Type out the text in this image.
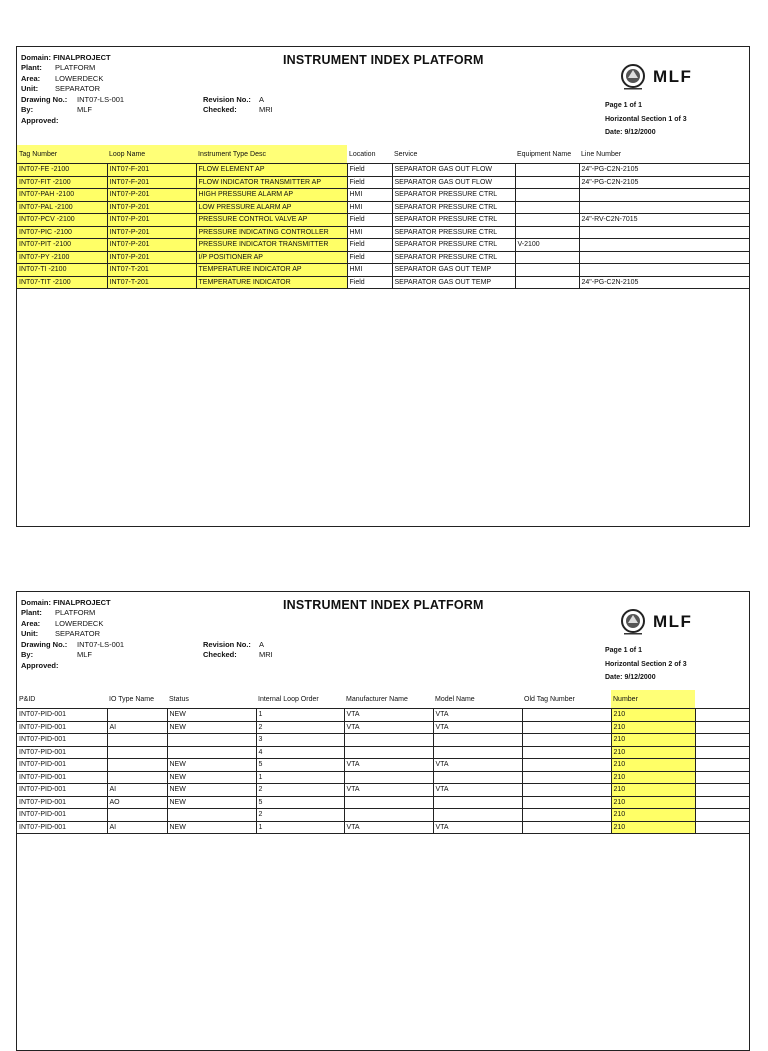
Domain: FINALPROJECT
Plant: PLATFORM
Area: LOWERDECK
Unit: SEPARATOR
Drawing No.: INT07-LS-001
By:	MLF
Approved:
Revision No.: A
Checked:	MRI
INSTRUMENT INDEX PLATFORM
MLF
Page 1 of 1
Horizontal Section 1 of 3
Date: 9/12/2000
Tag Number	Loop Name	Instrument Type Desc	Location	Service	Equipment Name	Line Number
INT07-FE -2100	INT07-F-201	FLOW ELEMENT AP	Field	SEPARATOR GAS OUT FLOW		24"-PG-C2N-2105
INT07-FIT -2100	INT07-F-201	FLOW INDICATOR TRANSMITTER AP	Field	SEPARATOR GAS OUT FLOW		24"-PG-C2N-2105
INT07-PAH -2100	INT07-P-201	HIGH PRESSURE ALARM AP	HMI	SEPARATOR PRESSURE CTRL		
INT07-PAL -2100	INT07-P-201	LOW PRESSURE ALARM AP	HMI	SEPARATOR PRESSURE CTRL		
INT07-PCV -2100	INT07-P-201	PRESSURE CONTROL VALVE AP	Field	SEPARATOR PRESSURE CTRL		24"-RV-C2N-7015
INT07-PIC -2100	INT07-P-201	PRESSURE INDICATING CONTROLLER	HMI	SEPARATOR PRESSURE CTRL		
INT07-PIT -2100	INT07-P-201	PRESSURE INDICATOR TRANSMITTER	Field	SEPARATOR PRESSURE CTRL	V-2100	
INT07-PY -2100	INT07-P-201	I/P POSITIONER AP	Field	SEPARATOR PRESSURE CTRL		
INT07-TI -2100	INT07-T-201	TEMPERATURE INDICATOR AP	HMI	SEPARATOR GAS OUT TEMP		
INT07-TIT -2100	INT07-T-201	TEMPERATURE INDICATOR	Field	SEPARATOR GAS OUT TEMP		24"-PG-C2N-2105
Domain: FINALPROJECT
Plant: PLATFORM
Area: LOWERDECK
Unit: SEPARATOR
Drawing No.: INT07-LS-001
By:	MLF
Approved:
Revision No.: A
Checked:	MRI
INSTRUMENT INDEX PLATFORM
MLF
Page 1 of 1
Horizontal Section 2 of 3
Date: 9/12/2000
P&ID	IO Type Name	Status	Internal Loop Order	Manufacturer Name	Model Name	Old Tag Number	Number	
INT07-PID-001		NEW	1	VTA	VTA		210	
INT07-PID-001	AI	NEW	2	VTA	VTA		210	
INT07-PID-001			3				210	
INT07-PID-001			4				210	
INT07-PID-001		NEW	5	VTA	VTA		210	
INT07-PID-001		NEW	1				210	
INT07-PID-001	AI	NEW	2	VTA	VTA		210	
INT07-PID-001	AO	NEW	5				210	
INT07-PID-001			2				210	
INT07-PID-001	AI	NEW	1	VTA	VTA		210	
